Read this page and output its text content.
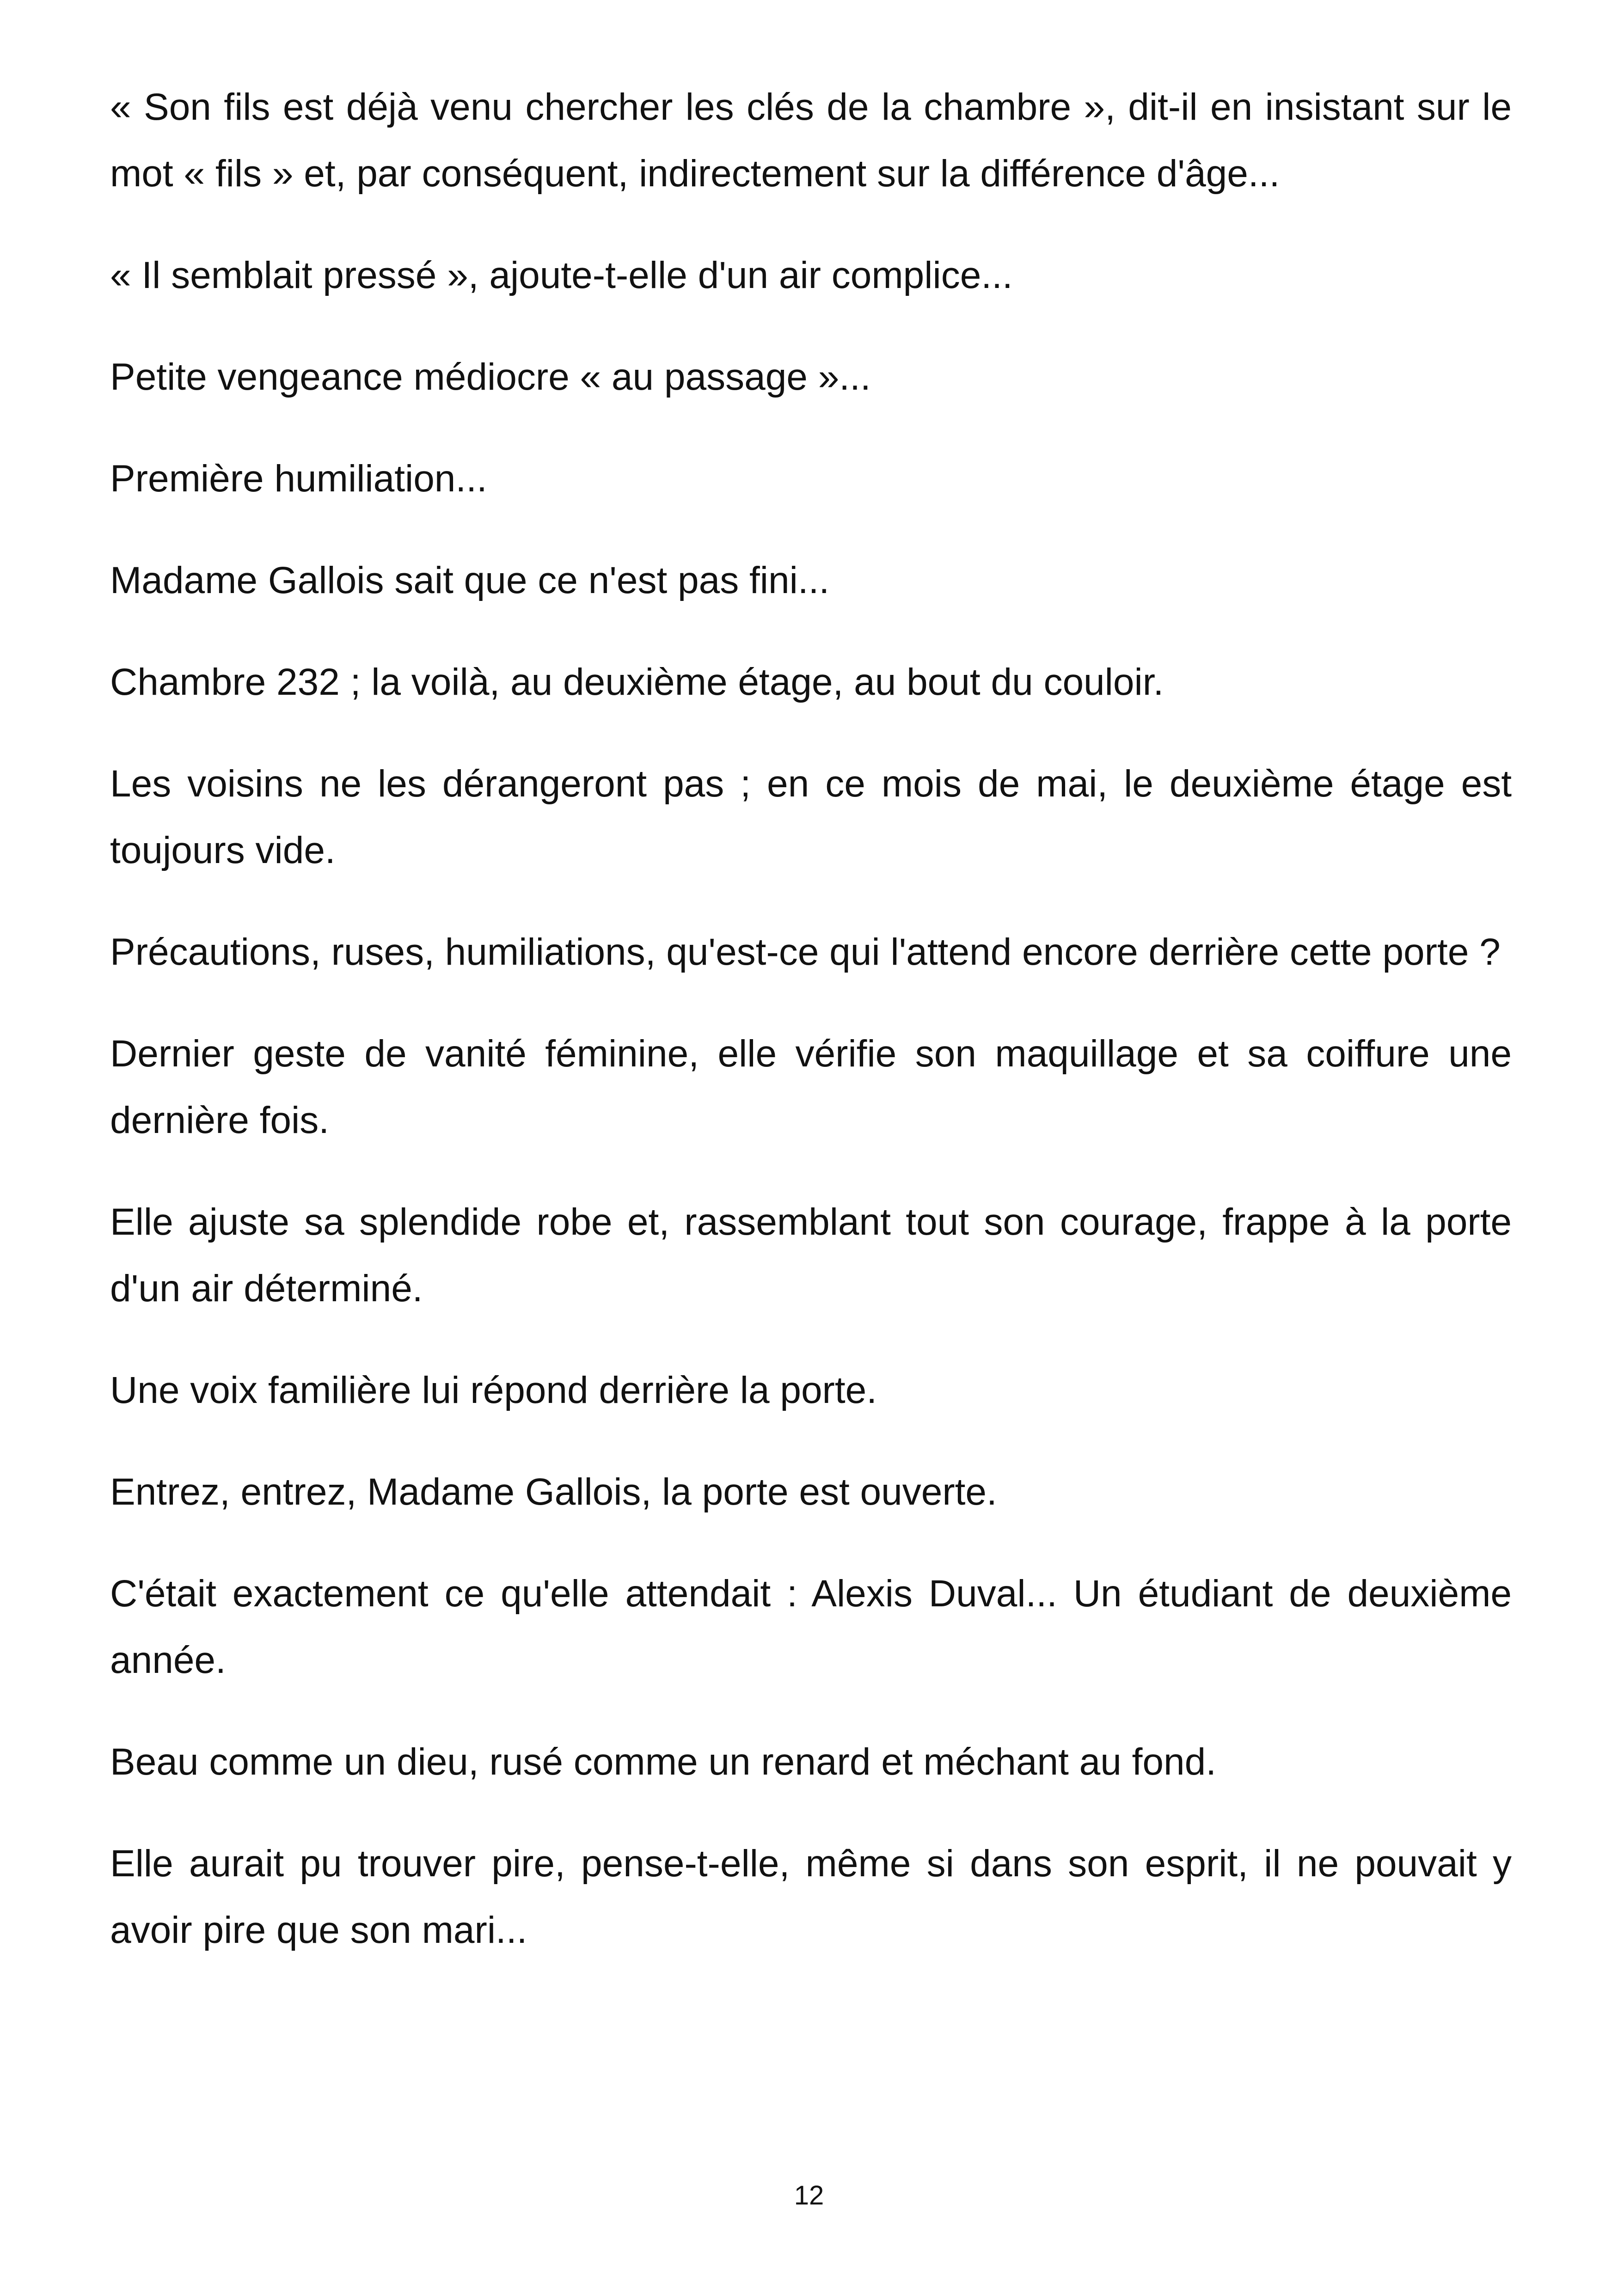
« Son fils est déjà venu chercher les clés de la chambre », dit-il en insistant sur le mot « fils » et, par conséquent, indirectement sur la différence d'âge...

« Il semblait pressé », ajoute-t-elle d'un air complice...

Petite vengeance médiocre « au passage »...

Première humiliation...

Madame Gallois sait que ce n'est pas fini...

Chambre 232 ; la voilà, au deuxième étage, au bout du couloir.

Les voisins ne les dérangeront pas ; en ce mois de mai, le deuxième étage est toujours vide.

Précautions, ruses, humiliations, qu'est-ce qui l'attend encore derrière cette porte ?

Dernier geste de vanité féminine, elle vérifie son maquillage et sa coiffure une dernière fois.

Elle ajuste sa splendide robe et, rassemblant tout son courage, frappe à la porte d'un air déterminé.

Une voix familière lui répond derrière la porte.

Entrez, entrez, Madame Gallois, la porte est ouverte.

C'était exactement ce qu'elle attendait : Alexis Duval... Un étudiant de deuxième année.

Beau comme un dieu, rusé comme un renard et méchant au fond.

Elle aurait pu trouver pire, pense-t-elle, même si dans son esprit, il ne pouvait y avoir pire que son mari...

12
